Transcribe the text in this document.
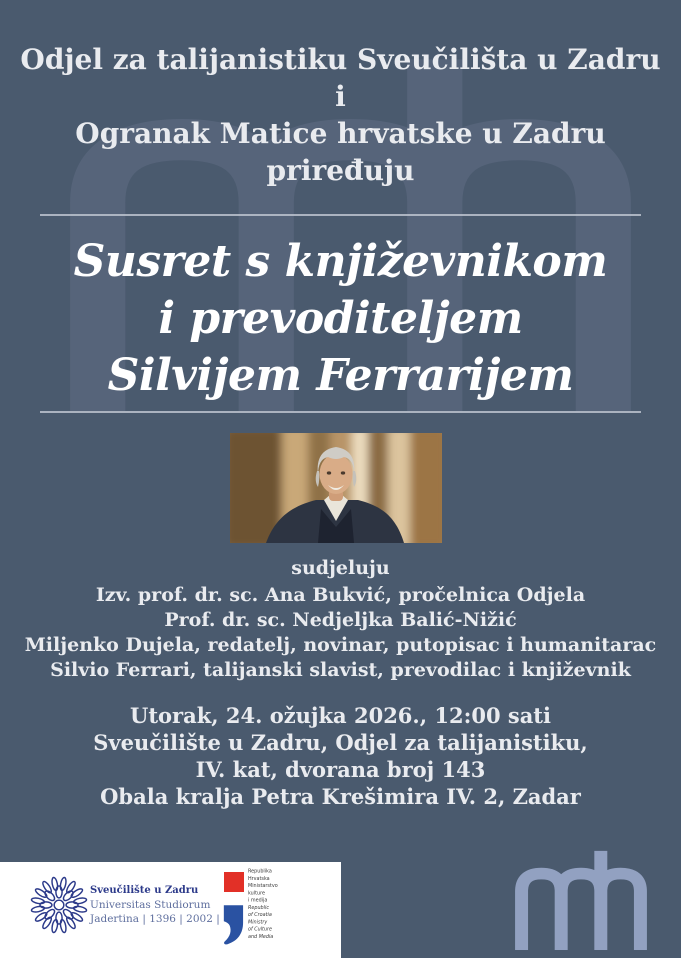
Odjel za talijanistiku Sveučilišta u Zadru
i
Ogranak Matice hrvatske u Zadru
priređuju
Susret s književnikom
i prevoditeljem
Silvijem Ferrarijem
sudjeluju
Izv. prof. dr. sc. Ana Bukvić, pročelnica Odjela
Prof. dr. sc. Nedjeljka Balić-Nižić
Miljenko Dujela, redatelj, novinar, putopisac i humanitarac
Silvio Ferrari, talijanski slavist, prevodilac i književnik
Utorak, 24. ožujka 2026., 12:00 sati
Sveučilište u Zadru, Odjel za talijanistiku,
IV. kat, dvorana broj 143
Obala kralja Petra Krešimira IV. 2, Zadar
Sveučilište u Zadru
Universitas Studiorum
Jadertina | 1396 | 2002 |
Republika
Hrvatska
Ministarstvo
kulture
i medija
Republic
of Croatia
Ministry
of Culture
and Media
